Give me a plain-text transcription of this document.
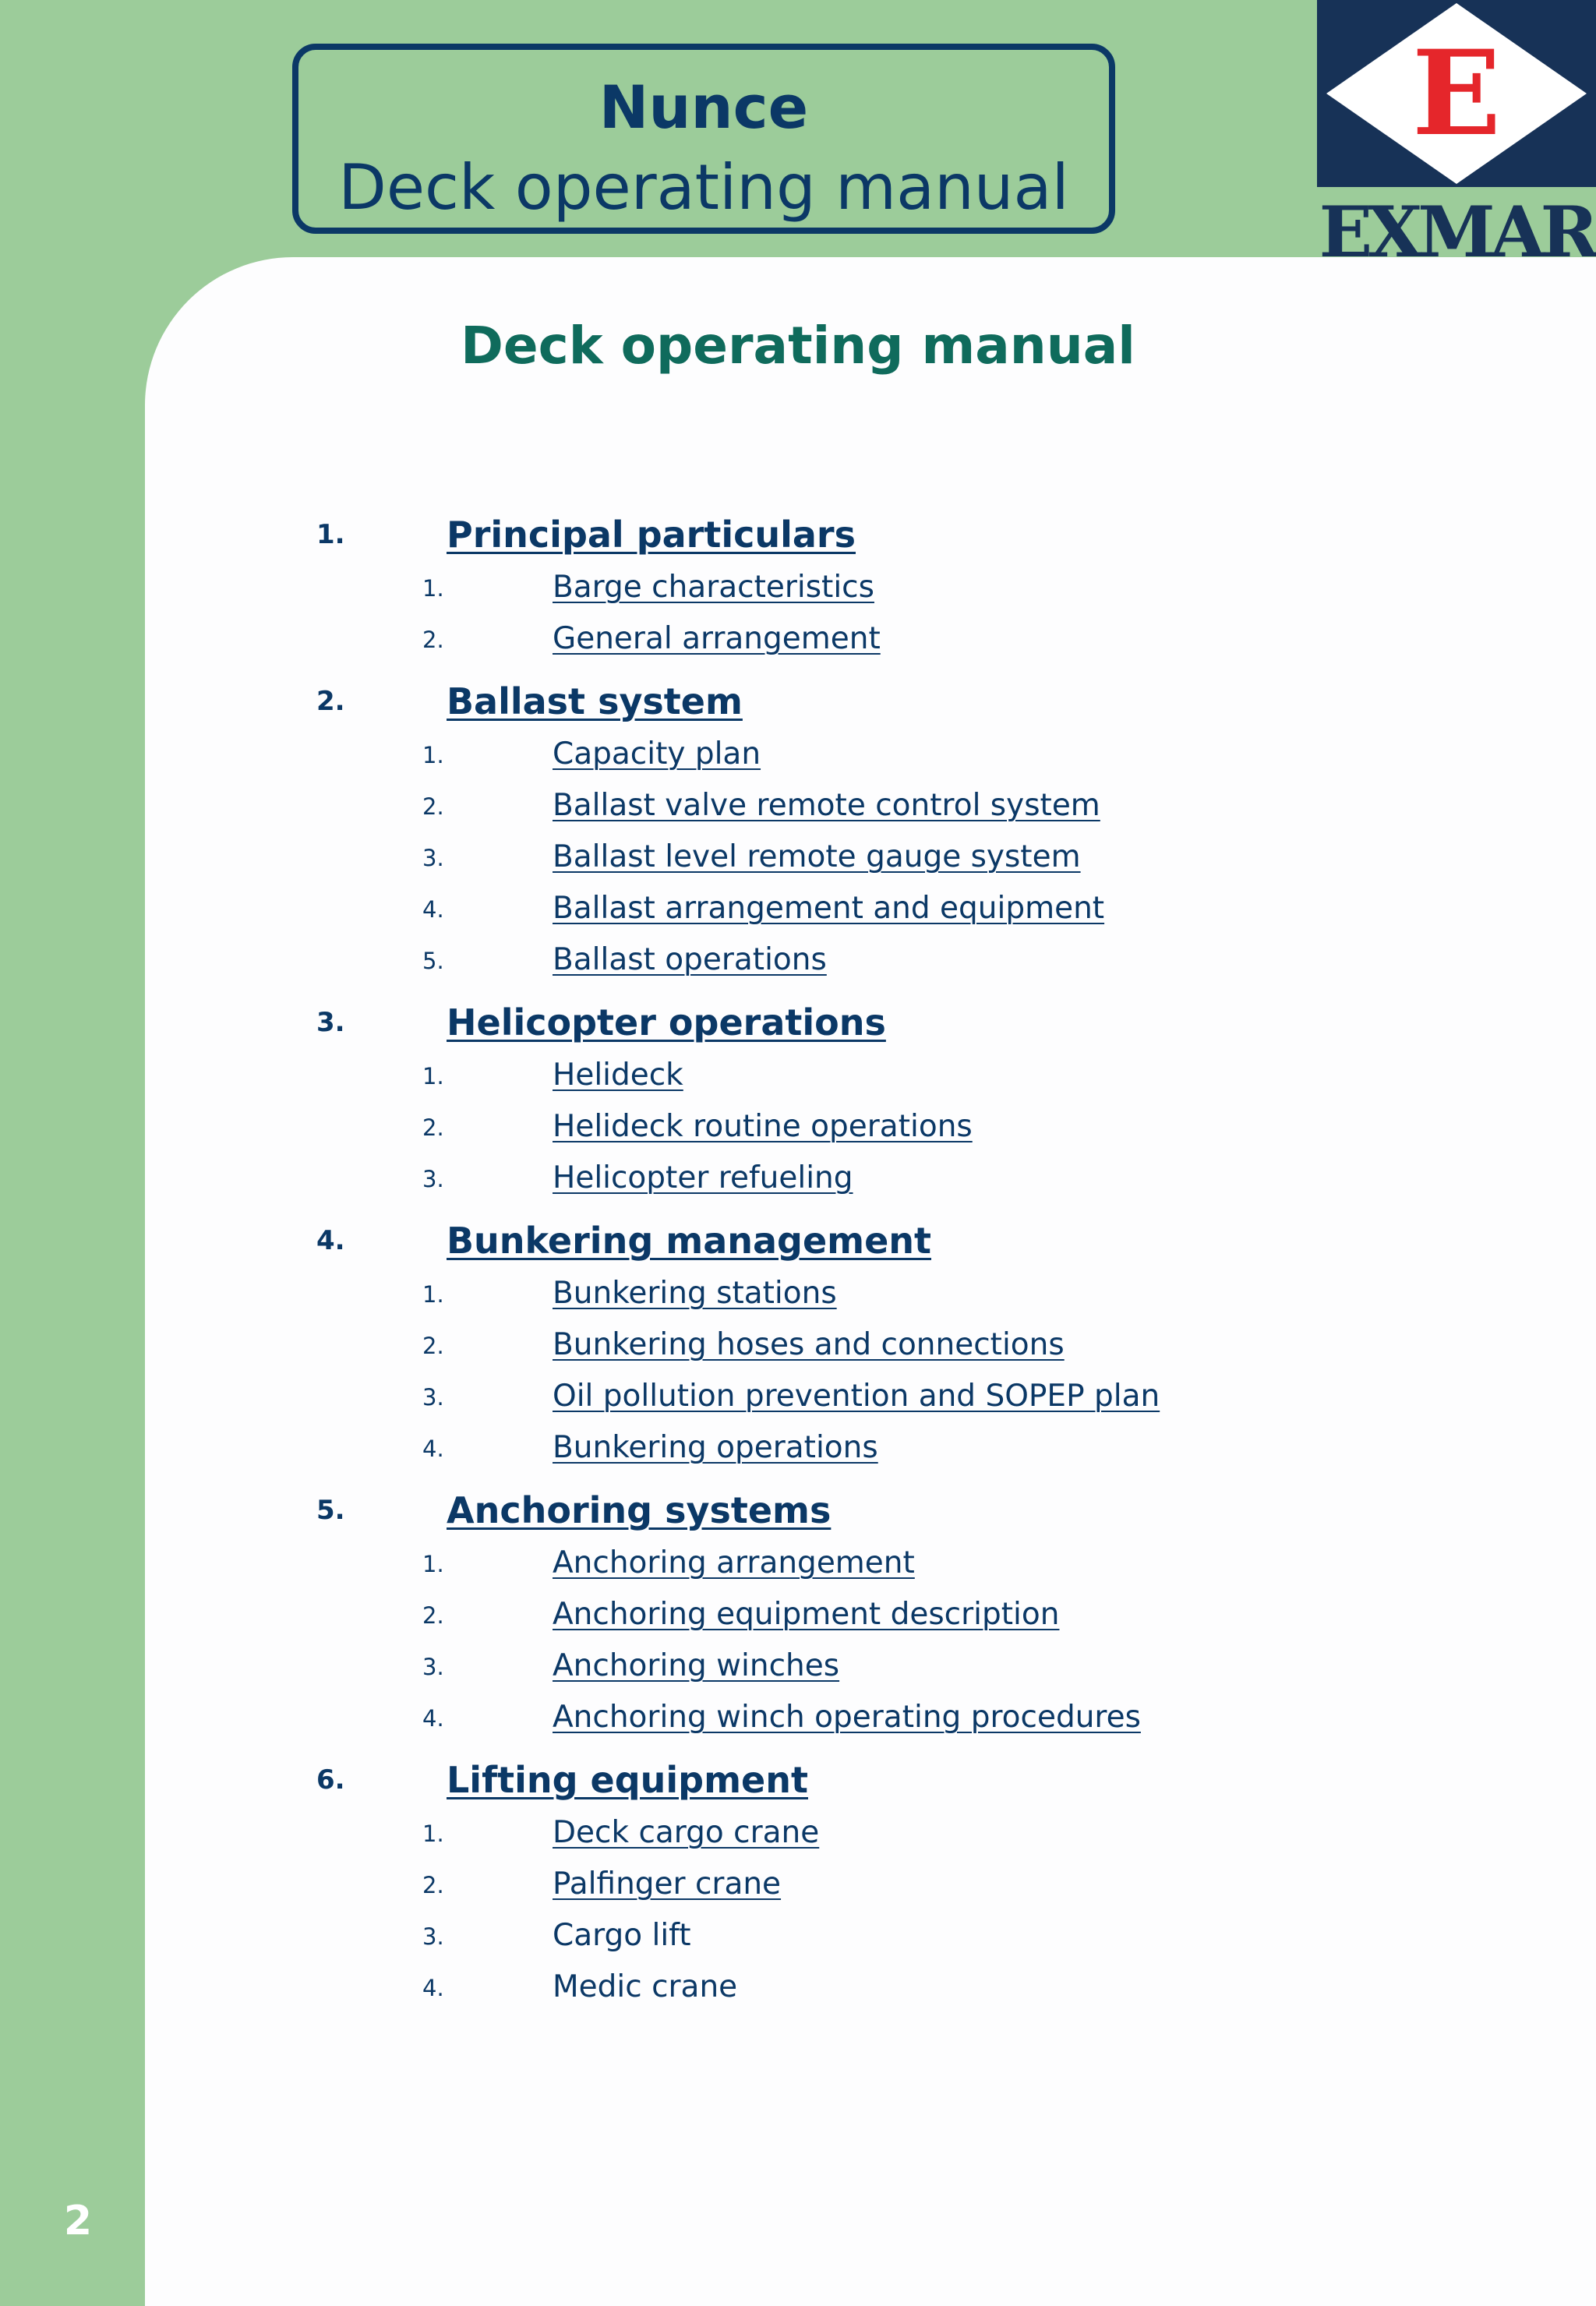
Nunce
Deck operating manual
E
EXMAR
Deck operating manual
1.	Principal particulars
1.	Barge characteristics
2.	General arrangement
2.	Ballast system
1.	Capacity plan
2.	Ballast valve remote control system
3.	Ballast level remote gauge system
4.	Ballast arrangement and equipment
5.	Ballast operations
3.	Helicopter operations
1.	Helideck
2.	Helideck routine operations
3.	Helicopter refueling
4.	Bunkering management
1.	Bunkering stations
2.	Bunkering hoses and connections
3.	Oil pollution prevention and SOPEP plan
4.	Bunkering operations
5.	Anchoring systems
1.	Anchoring arrangement
2.	Anchoring equipment description
3.	Anchoring winches
4.	Anchoring winch operating procedures
6.	Lifting equipment
1.	Deck cargo crane
2.	Palfinger crane
3.	Cargo lift
4.	Medic crane
2
